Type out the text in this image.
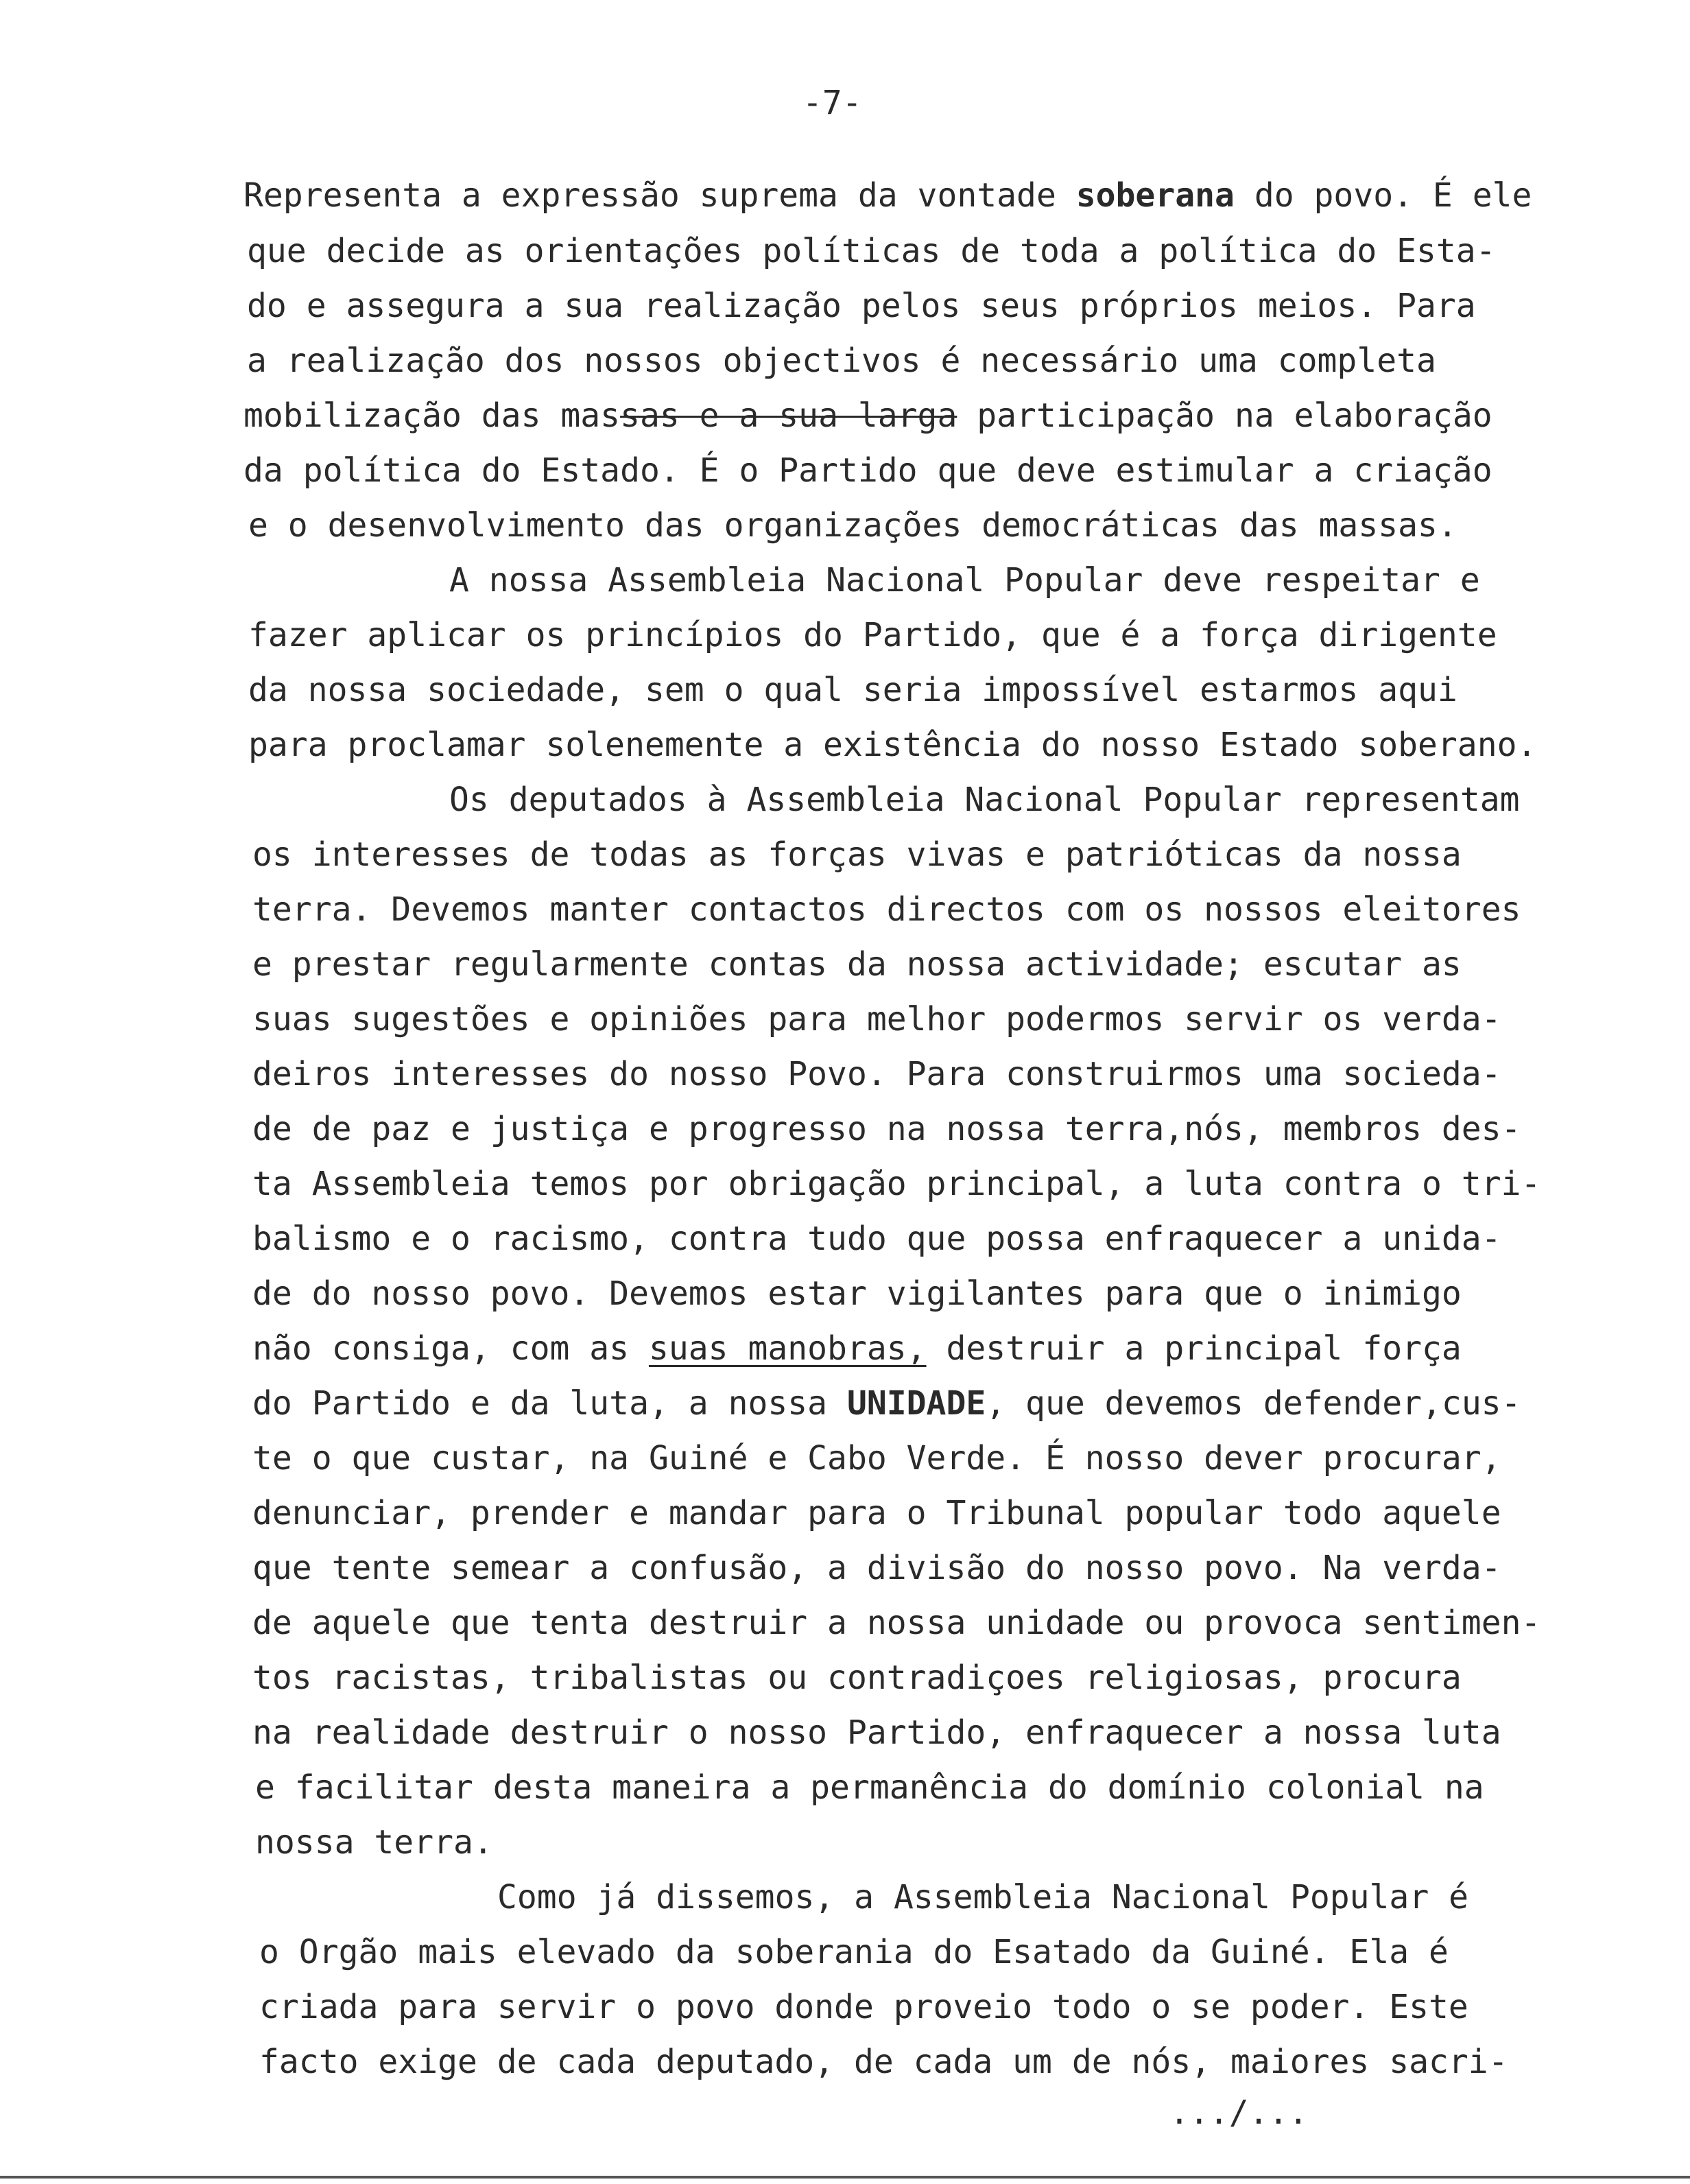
-7-

Representa a expressão suprema da vontade soberana do povo. É ele

que decide as orientações políticas de toda a política do Esta-

do e assegura a sua realização pelos seus próprios meios. Para

a realização dos nossos objectivos é necessário uma completa

mobilização das massas e a sua larga participação na elaboração

da política do Estado. É o Partido que deve estimular a criação

e o desenvolvimento das organizações democráticas das massas.

A nossa Assembleia Nacional Popular deve respeitar e

fazer aplicar os princípios do Partido, que é a força dirigente

da nossa sociedade, sem o qual seria impossível estarmos aqui

para proclamar solenemente a existência do nosso Estado soberano.

Os deputados à Assembleia Nacional Popular representam

os interesses de todas as forças vivas e patrióticas da nossa

terra. Devemos manter contactos directos com os nossos eleitores

e prestar regularmente contas da nossa actividade; escutar as

suas sugestões e opiniões para melhor podermos servir os verda-

deiros interesses do nosso Povo. Para construirmos uma socieda-

de de paz e justiça e progresso na nossa terra,nós, membros des-

ta Assembleia temos por obrigação principal, a luta contra o tri-

balismo e o racismo, contra tudo que possa enfraquecer a unida-

de do nosso povo. Devemos estar vigilantes para que o inimigo

não consiga, com as suas manobras, destruir a principal força

do Partido e da luta, a nossa UNIDADE, que devemos defender,cus-

te o que custar, na Guiné e Cabo Verde. É nosso dever procurar,

denunciar, prender e mandar para o Tribunal popular todo aquele

que tente semear a confusão, a divisão do nosso povo. Na verda-

de aquele que tenta destruir a nossa unidade ou provoca sentimen-

tos racistas, tribalistas ou contradiçoes religiosas, procura

na realidade destruir o nosso Partido, enfraquecer a nossa luta

e facilitar desta maneira a permanência do domínio colonial na

nossa terra.

Como já dissemos, a Assembleia Nacional Popular é

o Orgão mais elevado da soberania do Esatado da Guiné. Ela é

criada para servir o povo donde proveio todo o se poder. Este

facto exige de cada deputado, de cada um de nós, maiores sacri-

.../...
